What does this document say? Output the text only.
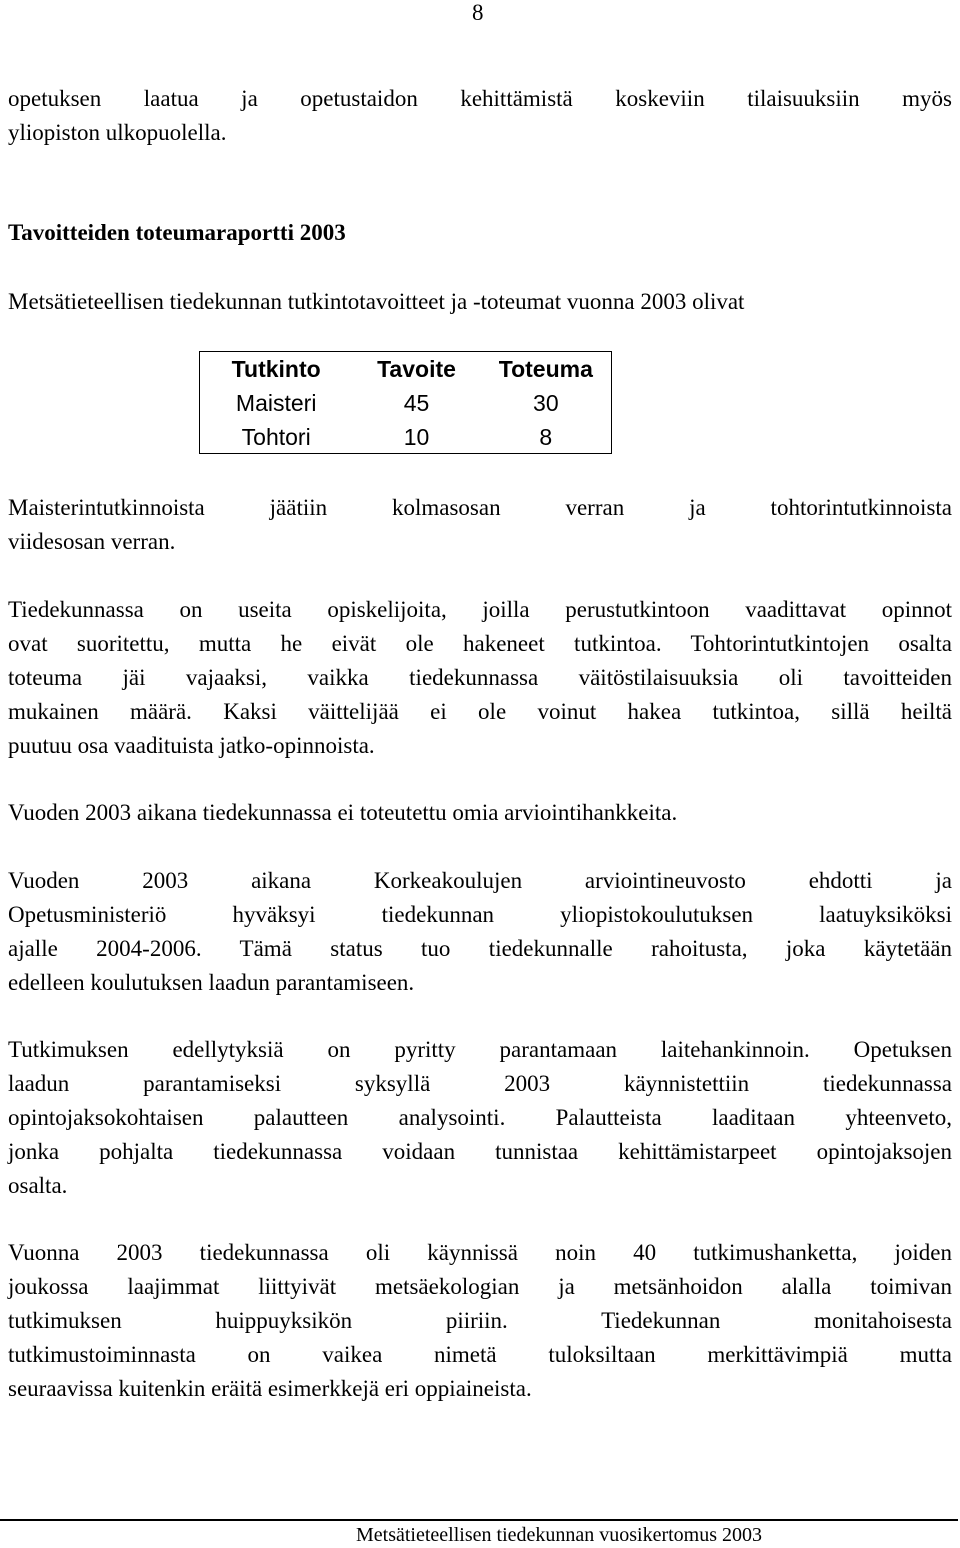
8
opetuksen laatua ja opetustaidon kehittämistä koskeviin tilaisuuksiin myös
yliopiston ulkopuolella.
Tavoitteiden toteumaraportti 2003
Metsätieteellisen tiedekunnan tutkintotavoitteet ja -toteumat vuonna 2003 olivat
Tutkinto	Tavoite	Toteuma
Maisteri	45	30
Tohtori	10	8
Maisterintutkinnoista jäätiin kolmasosan verran ja tohtorintutkinnoista
viidesosan verran.
Tiedekunnassa on useita opiskelijoita, joilla perustutkintoon vaadittavat opinnot
ovat suoritettu, mutta he eivät ole hakeneet tutkintoa. Tohtorintutkintojen osalta
toteuma jäi vajaaksi, vaikka tiedekunnassa väitöstilaisuuksia oli tavoitteiden
mukainen määrä. Kaksi väittelijää ei ole voinut hakea tutkintoa, sillä heiltä
puutuu osa vaadituista jatko-opinnoista.
Vuoden 2003 aikana tiedekunnassa ei toteutettu omia arviointihankkeita.
Vuoden 2003 aikana Korkeakoulujen arviointineuvosto ehdotti ja
Opetusministeriö hyväksyi tiedekunnan yliopistokoulutuksen laatuyksiköksi
ajalle 2004-2006. Tämä status tuo tiedekunnalle rahoitusta, joka käytetään
edelleen koulutuksen laadun parantamiseen.
Tutkimuksen edellytyksiä on pyritty parantamaan laitehankinnoin. Opetuksen
laadun parantamiseksi syksyllä 2003 käynnistettiin tiedekunnassa
opintojaksokohtaisen palautteen analysointi. Palautteista laaditaan yhteenveto,
jonka pohjalta tiedekunnassa voidaan tunnistaa kehittämistarpeet opintojaksojen
osalta.
Vuonna 2003 tiedekunnassa oli käynnissä noin 40 tutkimushanketta, joiden
joukossa laajimmat liittyivät metsäekologian ja metsänhoidon alalla toimivan
tutkimuksen huippuyksikön piiriin. Tiedekunnan monitahoisesta
tutkimustoiminnasta on vaikea nimetä tuloksiltaan merkittävimpiä mutta
seuraavissa kuitenkin eräitä esimerkkejä eri oppiaineista.
Metsätieteellisen tiedekunnan vuosikertomus 2003
